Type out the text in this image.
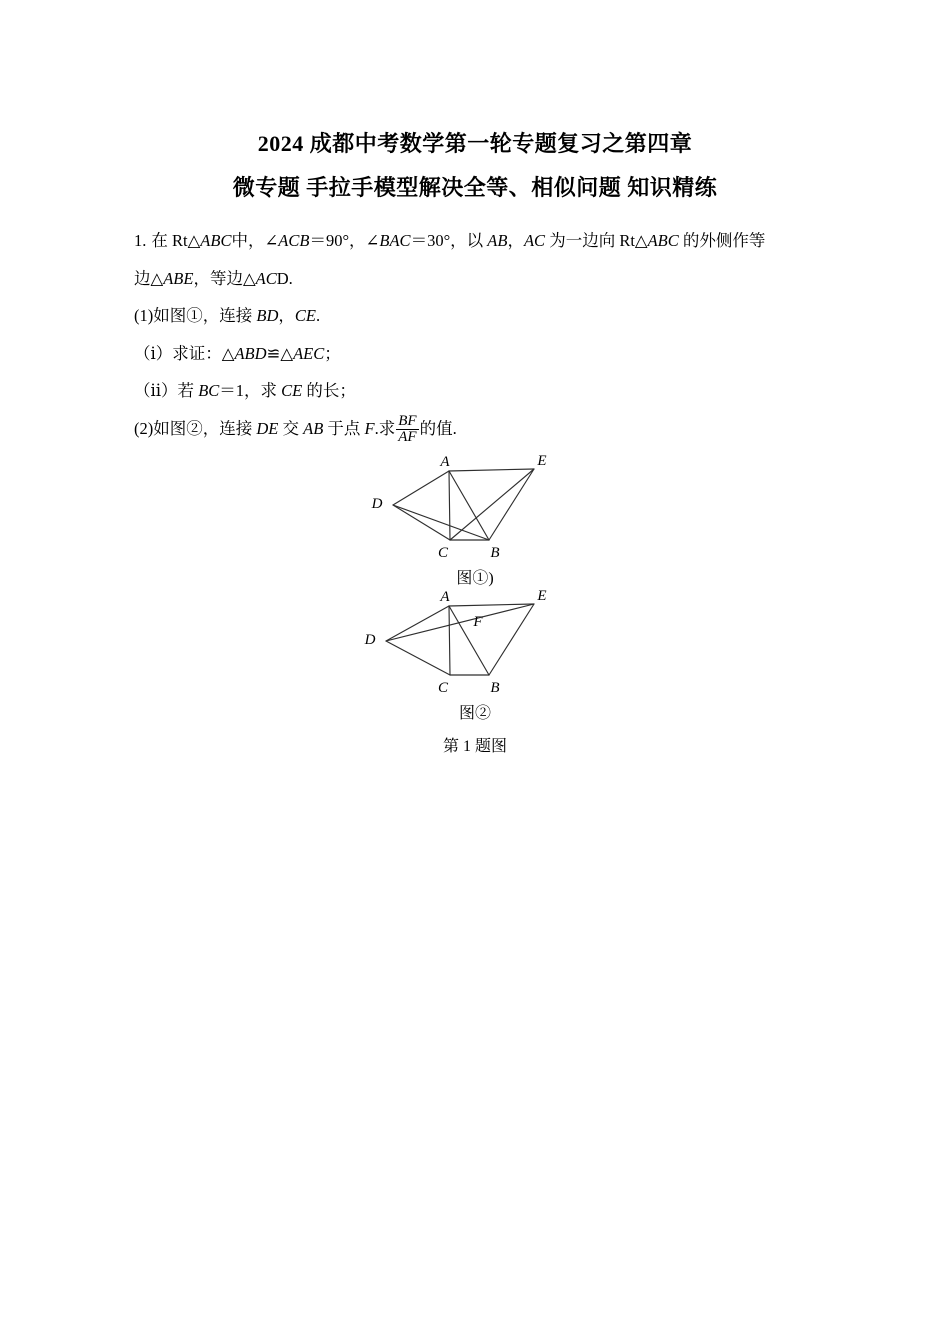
2024 成都中考数学第一轮专题复习之第四章
微专题 手拉手模型解决全等、相似问题 知识精练
1. 在 Rt△ABC中，∠ACB＝90°，∠BAC＝30°，以 AB，AC 为一边向 Rt△ABC 的外侧作等
边△ABE，等边△ACD.
(1)如图①，连接 BD，CE.
（ⅰ）求证：△ABD≌△AEC；
（ⅱ）若 BC＝1，求 CE 的长；
(2)如图②，连接 DE 交 AB 于点 F.求 $\frac{BF}{AF}$ 的值.
A
B
C
D
E
图①)
A
B
C
D
E
F
图②
第 1 题图
